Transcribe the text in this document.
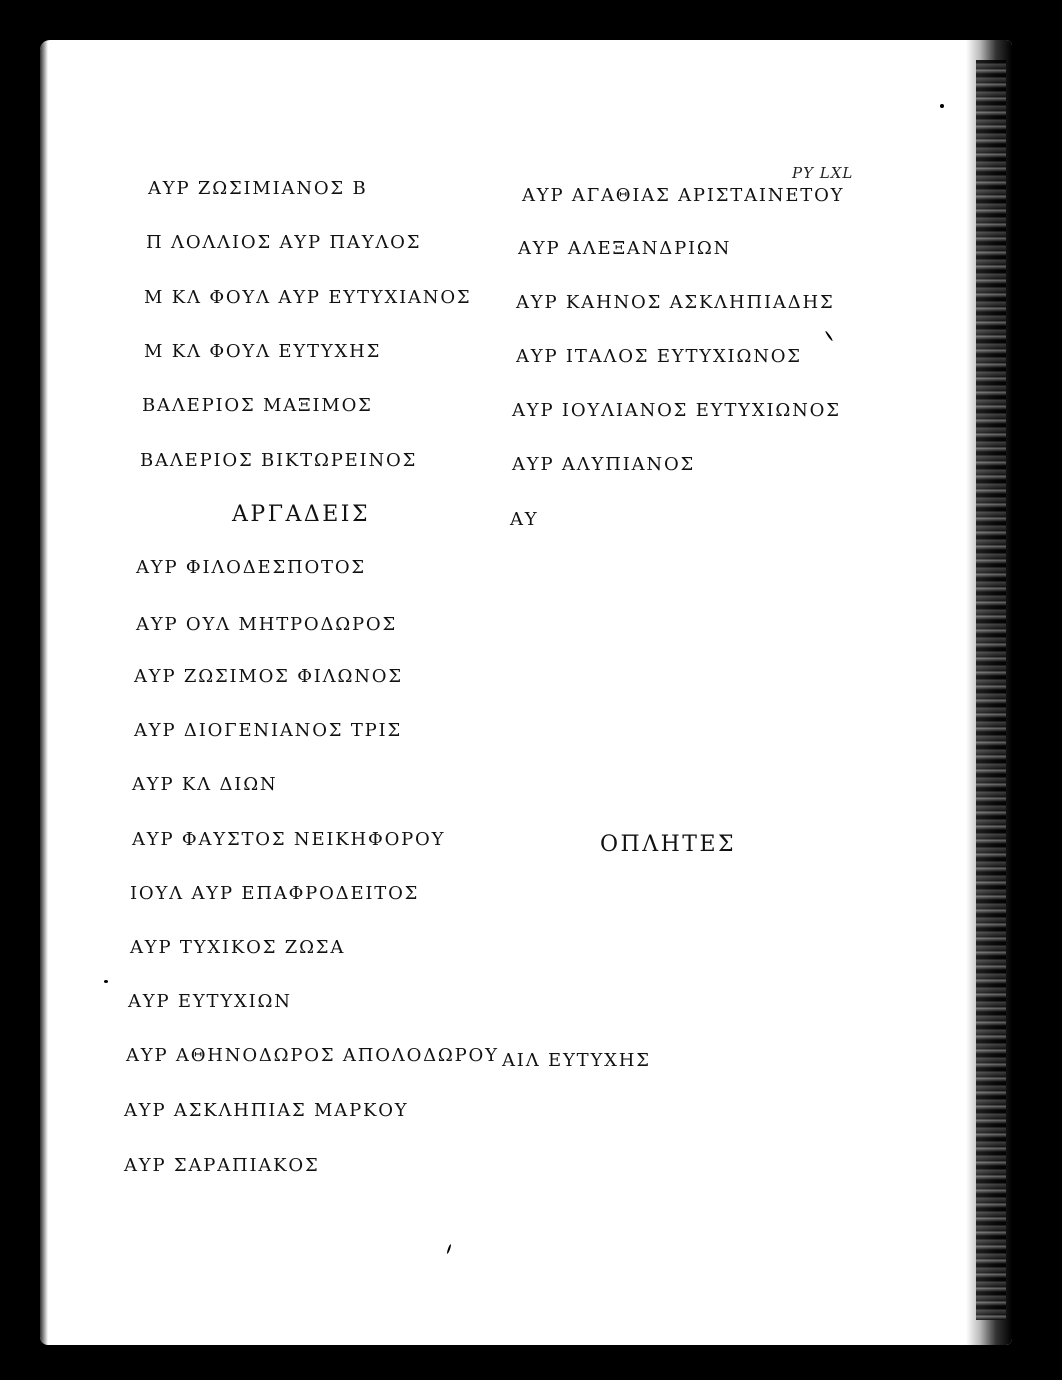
PY LXL
ΑΥΡ ΖΩΣΙΜΙΑΝΟΣ Β
Π ΛΟΛΛΙΟΣ ΑΥΡ ΠΑΥΛΟΣ
Μ ΚΛ ΦΟΥΛ ΑΥΡ ΕΥΤΥΧΙΑΝΟΣ
Μ ΚΛ ΦΟΥΛ ΕΥΤΥΧΗΣ
ΒΑΛΕΡΙΟΣ ΜΑΞΙΜΟΣ
ΒΑΛΕΡΙΟΣ ΒΙΚΤΩΡΕΙΝΟΣ
ΑΡΓΑΔΕΙΣ
ΑΥΡ ΦΙΛΟΔΕΣΠΟΤΟΣ
ΑΥΡ ΟΥΛ ΜΗΤΡΟΔΩΡΟΣ
ΑΥΡ ΖΩΣΙΜΟΣ ΦΙΛΩΝΟΣ
ΑΥΡ ΔΙΟΓΕΝΙΑΝΟΣ ΤΡΙΣ
ΑΥΡ ΚΛ ΔΙΩΝ
ΑΥΡ ΦΑΥΣΤΟΣ ΝΕΙΚΗΦΟΡΟΥ
ΙΟΥΛ ΑΥΡ ΕΠΑΦΡΟΔΕΙΤΟΣ
ΑΥΡ ΤΥΧΙΚΟΣ ΖΩΣΑ
ΑΥΡ ΕΥΤΥΧΙΩΝ
ΑΥΡ ΑΘΗΝΟΔΩΡΟΣ ΑΠΟΛΟΔΩΡΟΥ
ΑΥΡ ΑΣΚΛΗΠΙΑΣ ΜΑΡΚΟΥ
ΑΥΡ ΣΑΡΑΠΙΑΚΟΣ
ΑΥΡ ΑΓΑΘΙΑΣ ΑΡΙΣΤΑΙΝΕΤΟΥ
ΑΥΡ ΑΛΕΞΑΝΔΡΙΩΝ
ΑΥΡ ΚΑΗΝΟΣ ΑΣΚΛΗΠΙΑΔΗΣ
ΑΥΡ ΙΤΑΛΟΣ ΕΥΤΥΧΙΩΝΟΣ
ΑΥΡ ΙΟΥΛΙΑΝΟΣ ΕΥΤΥΧΙΩΝΟΣ
ΑΥΡ ΑΛΥΠΙΑΝΟΣ
ΑΥ
ΟΠΛΗΤΕΣ
ΑΙΛ ΕΥΤΥΧΗΣ
